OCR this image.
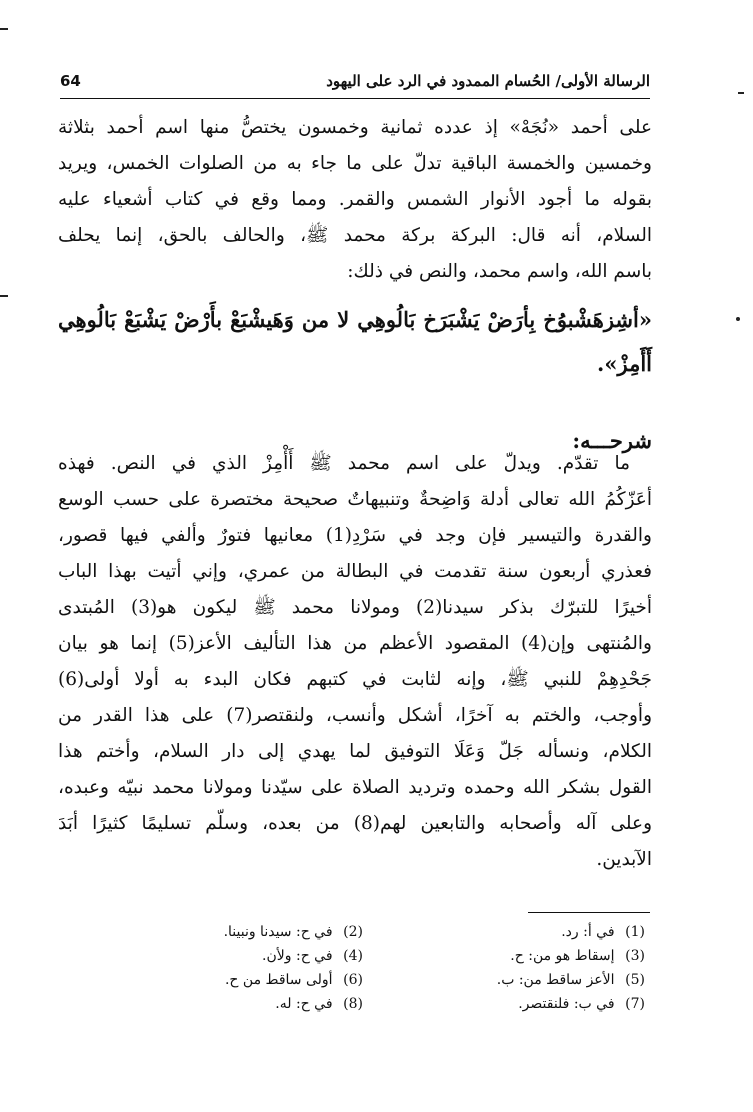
64	الرسالة الأولى/ الحُسام الممدود في الرد على اليهود
على أحمد «نُجَهْ» إذ عدده ثمانية وخمسون يختصُّ منها اسم أحمد بثلاثة
وخمسين والخمسة الباقية تدلّ على ما جاء به من الصلوات الخمس، ويريد
بقوله ما أجود الأنوار الشمس والقمر. ومما وقع في كتاب أشعياء عليه
السلام، أنه قال: البركة بركة محمد ﷺ، والحالف بالحق، إنما يحلف
باسم الله، واسم محمد، والنص في ذلك:
«أشِزهَشْبوُخ بِأرَضْ يَشْبَرَخ بَالُوهِي لا من وَهَيشْبَعْ بأَرْضْ يَشْبَعْ بَالُوهِي
أَأَمِزْ».
شرحـــه:
ما تقدّم. ويدلّ على اسم محمد ﷺ أَأْمِزْ الذي في النص. فهذه
أعَزّكُمُ الله تعالى أدلة وَاضِحةٌ وتنبيهاتٌ صحيحة مختصرة على حسب الوسع
والقدرة والتيسير فإن وجد في سَرْدِ(1) معانيها فتورٌ وألفي فيها قصور،
فعذري أربعون سنة تقدمت في البطالة من عمري، وإني أتيت بهذا الباب
أخيرًا للتبرّك بذكر سيدنا(2) ومولانا محمد ﷺ ليكون هو(3) المُبتدى
والمُنتهى وإن(4) المقصود الأعظم من هذا التأليف الأعز(5) إنما هو بيان
جَحْدِهِمْ للنبي ﷺ، وإنه لثابت في كتبهم فكان البدء به أولا أولى(6)
وأوجب، والختم به آخرًا، أشكل وأنسب، ولنقتصر(7) على هذا القدر من
الكلام، ونسأله جَلّ وَعَلَا التوفيق لما يهدي إلى دار السلام، وأختم هذا
القول بشكر الله وحمده وترديد الصلاة على سيّدنا ومولانا محمد نبيّه وعبده،
وعلى آله وأصحابه والتابعين لهم(8) من بعده، وسلّم تسليمًا كثيرًا أبَدَ
الآبدين.
(1) في أ: رد.
(3) إسقاط هو من: ح.
(5) الأعز ساقط من: ب.
(7) في ب: فلنقتصر.
(2) في ح: سيدنا ونبينا.
(4) في ح: ولأن.
(6) أولى ساقط من ح.
(8) في ح: له.
